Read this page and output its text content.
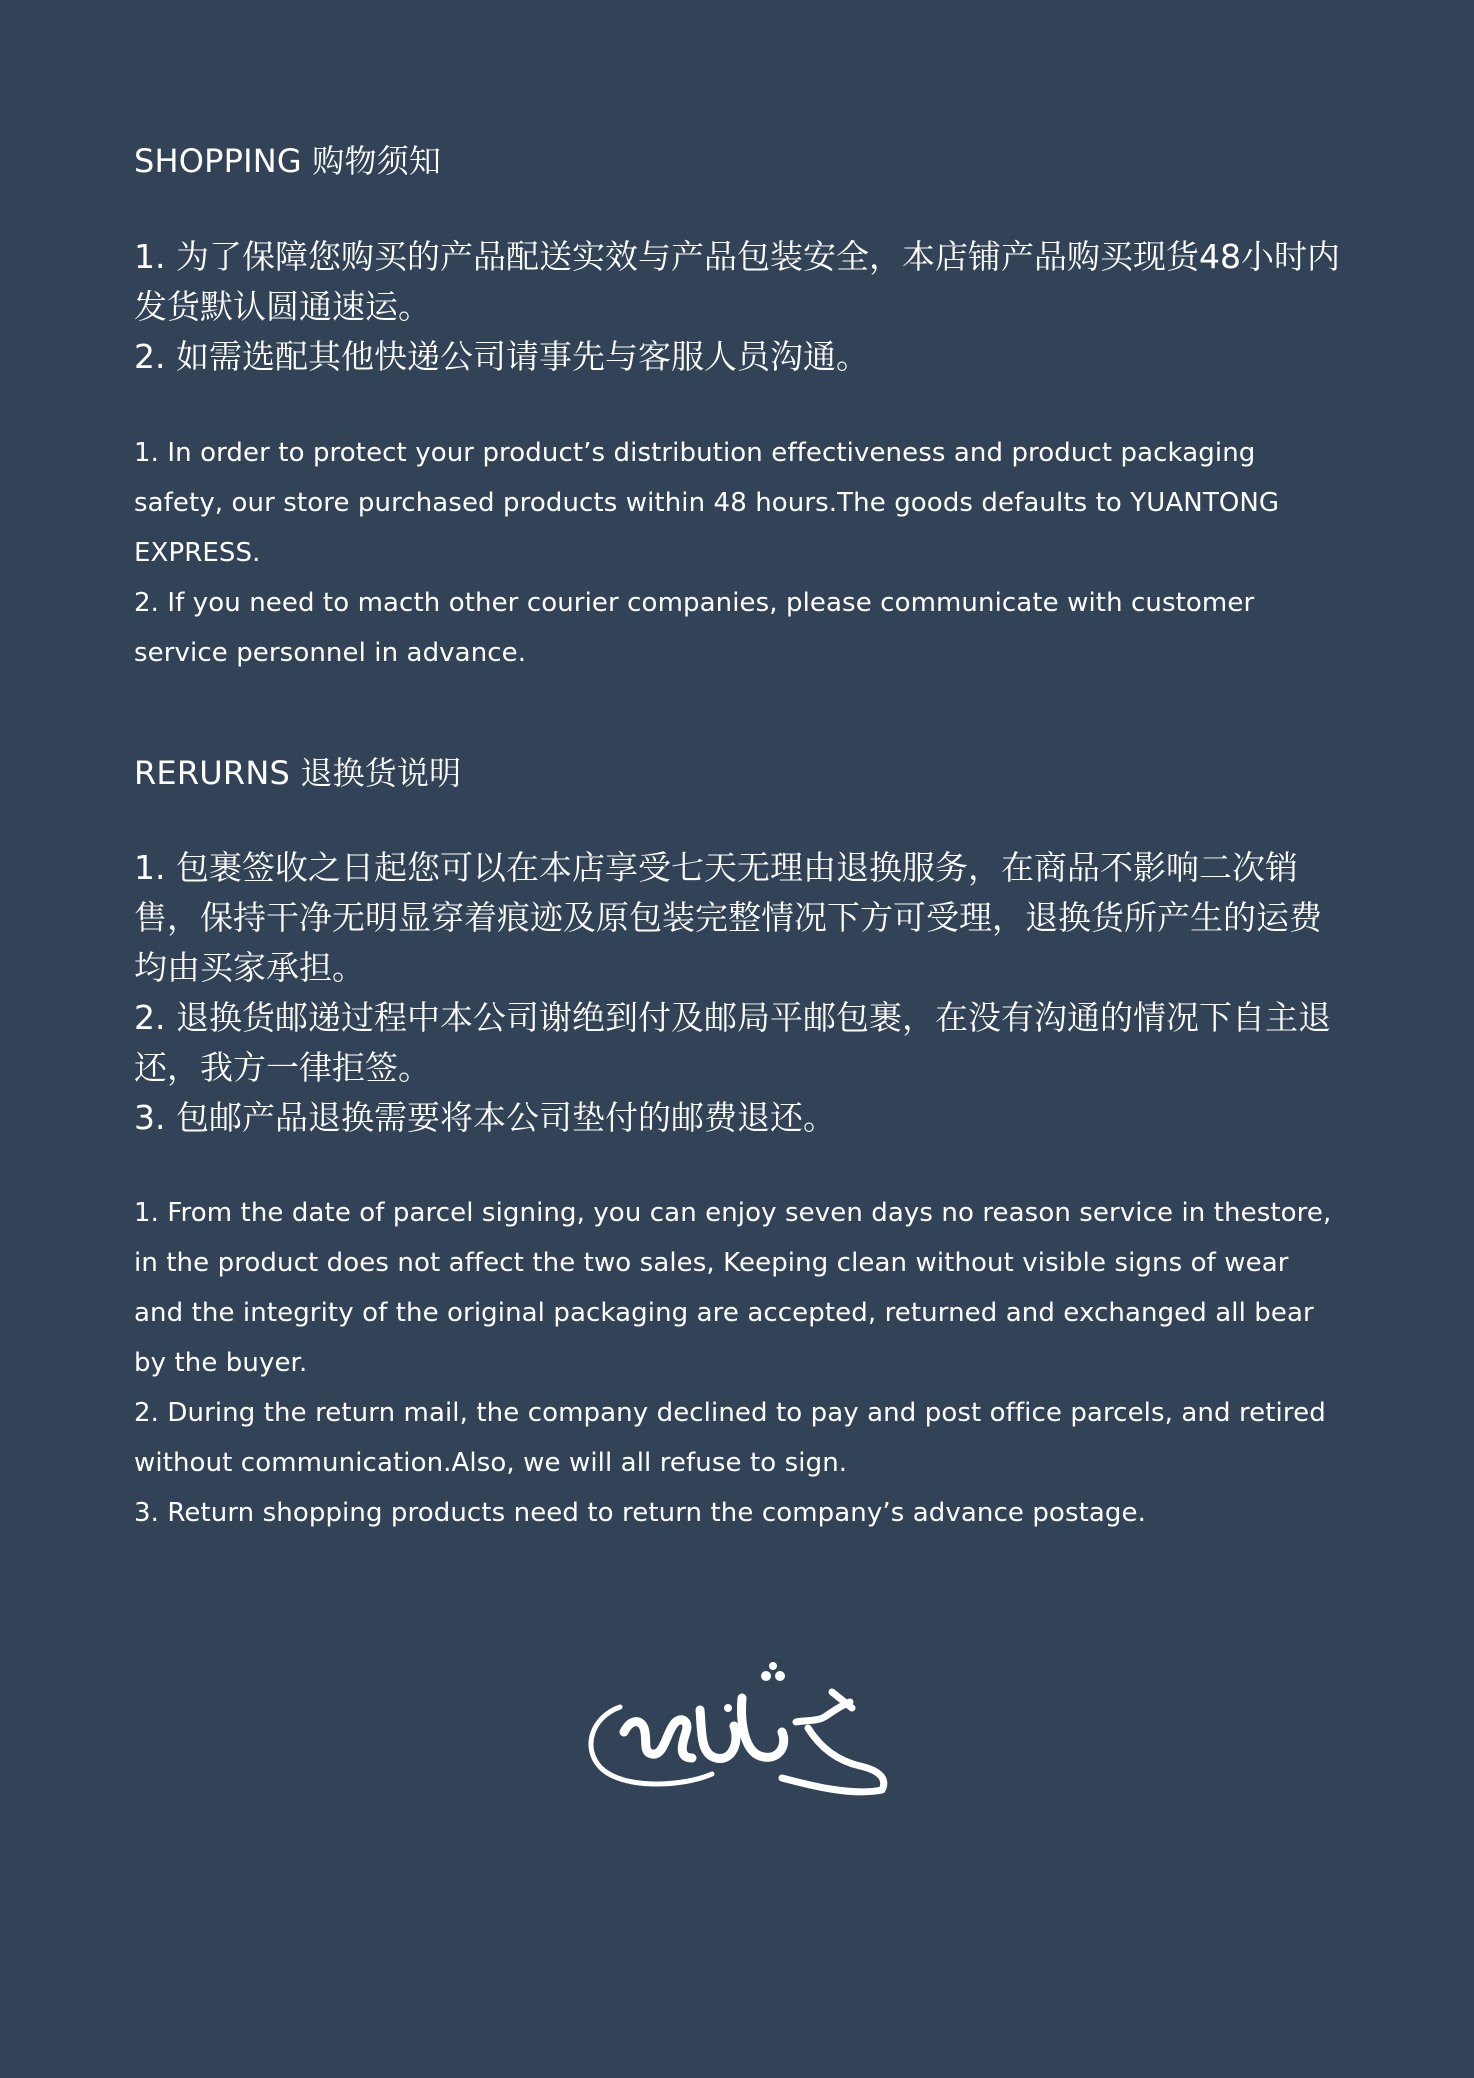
SHOPPING 购物须知

1. 为了保障您购买的产品配送实效与产品包装安全，本店铺产品购买现货48小时内发货默认圆通速运。

2. 如需选配其他快递公司请事先与客服人员沟通。

1. In order to protect your product’s distribution effectiveness and product packaging safety, our store purchased products within 48 hours.The goods defaults to YUANTONG EXPRESS.

2. If you need to macth other courier companies, please communicate with customer service personnel in advance.

RERURNS 退换货说明

1. 包裹签收之日起您可以在本店享受七天无理由退换服务，在商品不影响二次销售，保持干净无明显穿着痕迹及原包装完整情况下方可受理，退换货所产生的运费均由买家承担。

2. 退换货邮递过程中本公司谢绝到付及邮局平邮包裹，在没有沟通的情况下自主退还，我方一律拒签。

3. 包邮产品退换需要将本公司垫付的邮费退还。

1. From the date of parcel signing, you can enjoy seven days no reason service in thestore, in the product does not affect the two sales, Keeping clean without visible signs of wear and the integrity of the original packaging are accepted, returned and exchanged all bear by the buyer.

2. During the return mail, the company declined to pay and post office parcels, and retired without communication.Also, we will all refuse to sign.

3. Return shopping products need to return the company’s advance postage.
